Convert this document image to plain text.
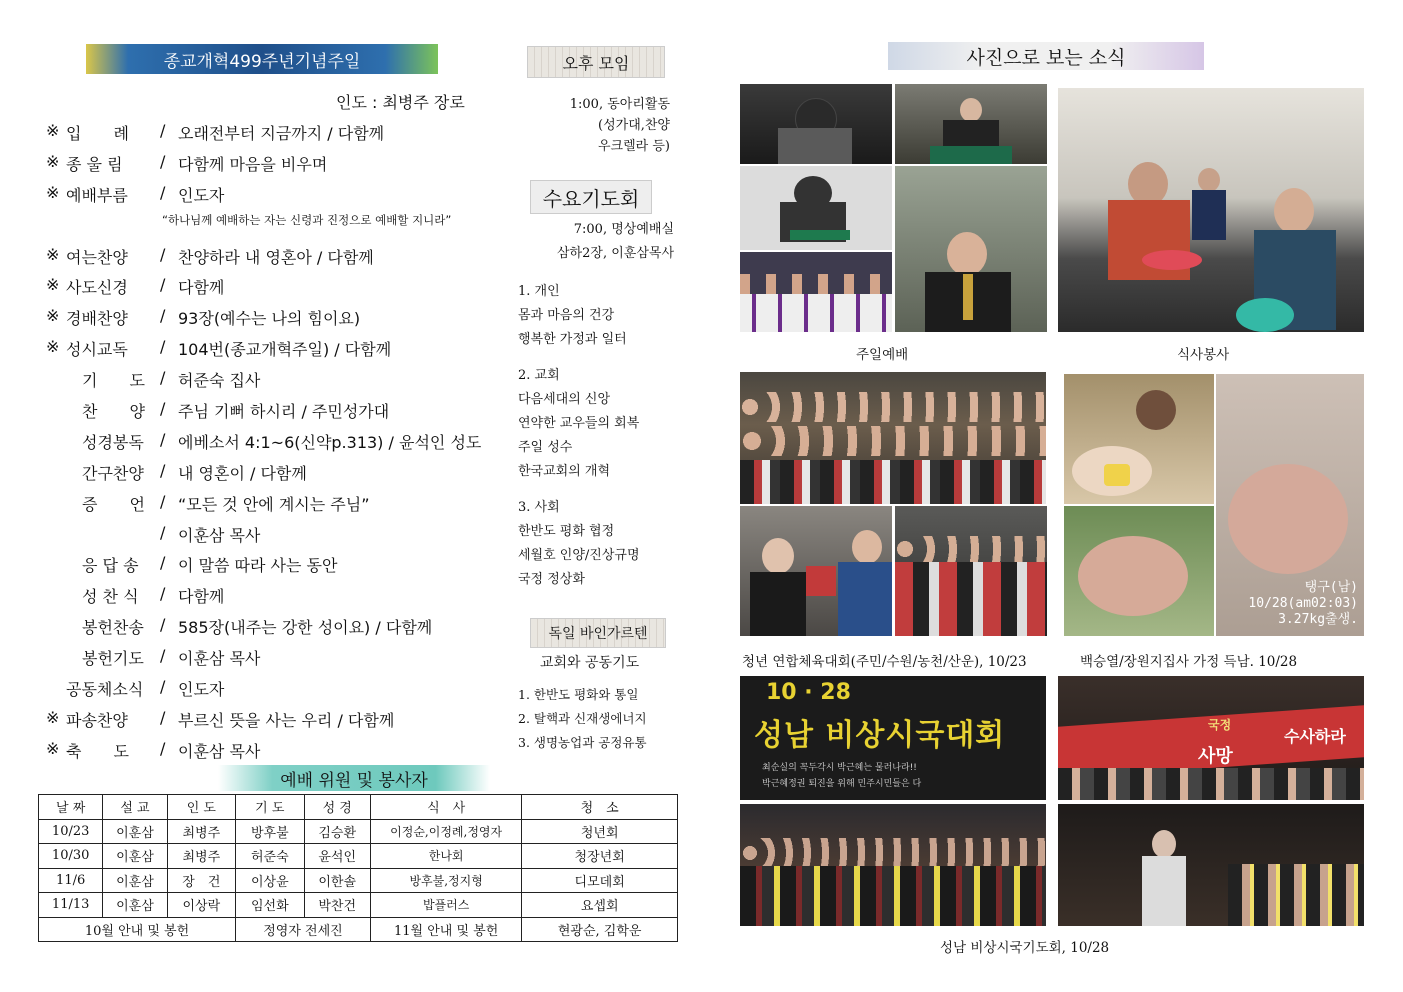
종교개혁499주년기념주일
인도 : 최병주 장로
※ 입　　례	/ 오래전부터 지금까지 / 다함께
※ 종 울 림	/ 다함께 마음을 비우며
※ 예배부름	/ 인도자
※ 여는찬양	/ 찬양하라 내 영혼아 / 다함께
※ 사도신경	/ 다함께
※ 경배찬양	/ 93장(예수는 나의 힘이요)
※ 성시교독	/ 104번(종교개혁주일) / 다함께
　기　　도 / 허준숙 집사
　찬　　양 / 주님 기뻐 하시리 / 주민성가대
　성경봉독	/ 에베소서 4:1~6(신약p.313) / 윤석인 성도
　간구찬양	/ 내 영혼이 / 다함께
　증　　언 / “모든 것 안에 계시는 주님”
/ 이훈삼 목사
　응 답 송	/ 이 말씀 따라 사는 동안
　성 찬 식	/ 다함께
　봉헌찬송	/ 585장(내주는 강한 성이요) / 다함께
　봉헌기도	/ 이훈삼 목사
공동체소식	/ 인도자
※ 파송찬양	/ 부르신 뜻을 사는 우리 / 다함께
※ 축　　도	/ 이훈삼 목사
“하나님께 예배하는 자는 신령과 진정으로 예배할 지니라”
예배 위원 및 봉사자
날 짜	설 교	인 도	기 도	성 경	식　사	청　소
10/23	이훈삼	최병주	방후불	김승환	이정순,이정례,정영자	청년회
10/30	이훈삼	최병주	허준숙	윤석인	한나회	청장년회
11/6	이훈삼	장　건	이상윤	이한솔	방후불,정지형	디모데회
11/13	이훈삼	이상락	임선화	박찬건	밥플러스	요셉회
10월 안내 및 봉헌			정영자 전세진		11월 안내 및 봉헌	현광순, 김학운
오후 모임
1:00, 동아리활동
(성가대,찬양
우크렐라 등)
수요기도회
7:00, 명상예배실
삼하2장, 이훈삼목사
1. 개인
몸과 마음의 건강
행복한 가정과 일터
2. 교회
다음세대의 신앙
연약한 교우들의 회복
주일 성수
한국교회의 개혁
3. 사회
한반도 평화 협정
세월호 인양/진상규명
국정 정상화
독일 바인가르텐
교회와 공동기도
1. 한반도 평화와 통일
2. 탈핵과 신재생에너지
3. 생명농업과 공정유통
사진으로 보는 소식
주일예배	식사봉사
청년 연합체육대회(주민/수원/농천/산운), 10/23
탱구(남)
10/28(am02:03)
3.27kg출생.
백승열/장원지집사 가정 득남. 10/28
10 · 28
성남 비상시국대회
최순실의 꼭두각시 박근혜는 물러나라!!
박근혜정권 퇴진을 위해 민주시민들은 다
수사하라
사망
국정
성남 비상시국기도회, 10/28
